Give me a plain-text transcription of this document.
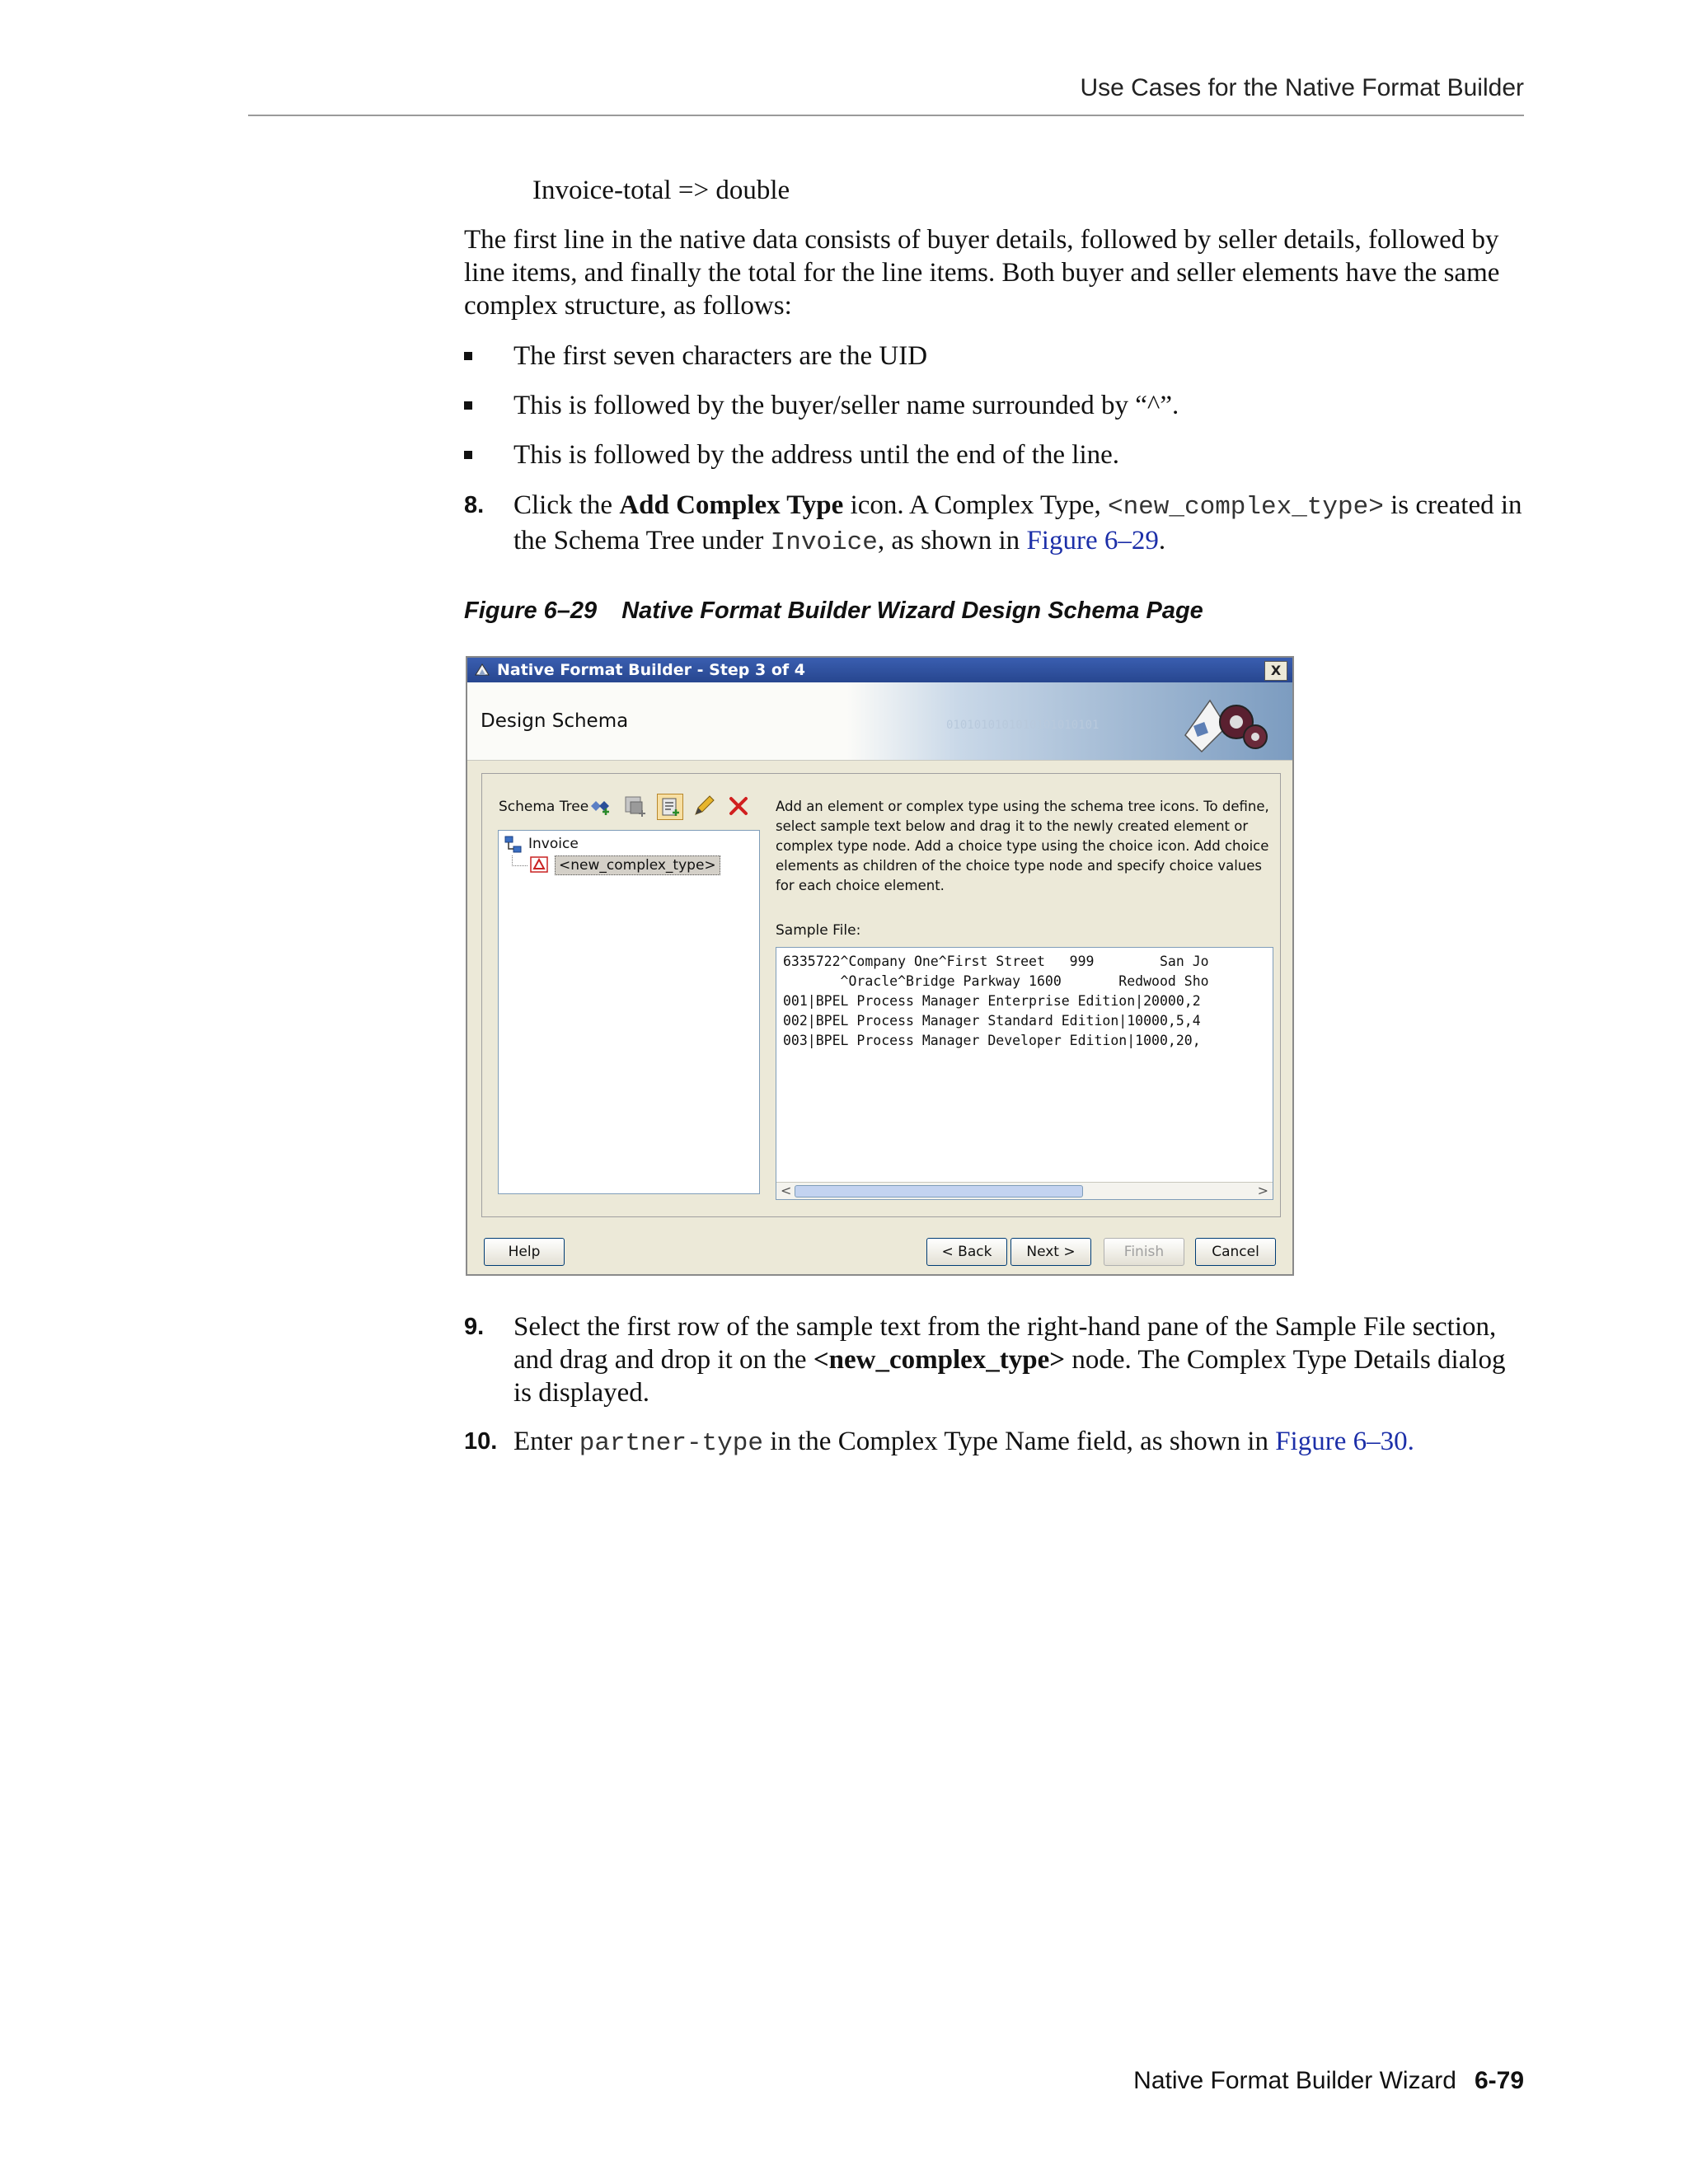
Use Cases for the Native Format Builder

Invoice-total => double

The first line in the native data consists of buyer details, followed by seller details, followed by line items, and finally the total for the line items. Both buyer and seller elements have the same complex structure, as follows:

The first seven characters are the UID
This is followed by the buyer/seller name surrounded by “^”.
This is followed by the address until the end of the line.
8. Click the Add Complex Type icon. A Complex Type, <new_complex_type> is created in the Schema Tree under Invoice, as shown in Figure 6–29.
Figure 6–29 Native Format Builder Wizard Design Schema Page
Native Format Builder - Step 3 of 4	X
Design Schema	0101010101010101010101
Schema Tree
Invoice
<new_complex_type>

Add an element or complex type using the schema tree icons. To define, select sample text below and drag it to the newly created element or complex type node. Add a choice type using the choice icon. Add choice elements as children of the choice type node and specify choice values for each choice element.

Sample File:
6335722^Company One^First Street   999        San Jo
^Oracle^Bridge Parkway 1600       Redwood Sho
001|BPEL Process Manager Enterprise Edition|20000,2
002|BPEL Process Manager Standard Edition|10000,5,4
003|BPEL Process Manager Developer Edition|1000,20,
<	>
Help	< Back	Next >	Finish	Cancel
9. Select the first row of the sample text from the right-hand pane of the Sample File section, and drag and drop it on the <new_complex_type> node. The Complex Type Details dialog is displayed.
10. Enter partner-type in the Complex Type Name field, as shown in Figure 6–30.
Native Format Builder Wizard 6-79
